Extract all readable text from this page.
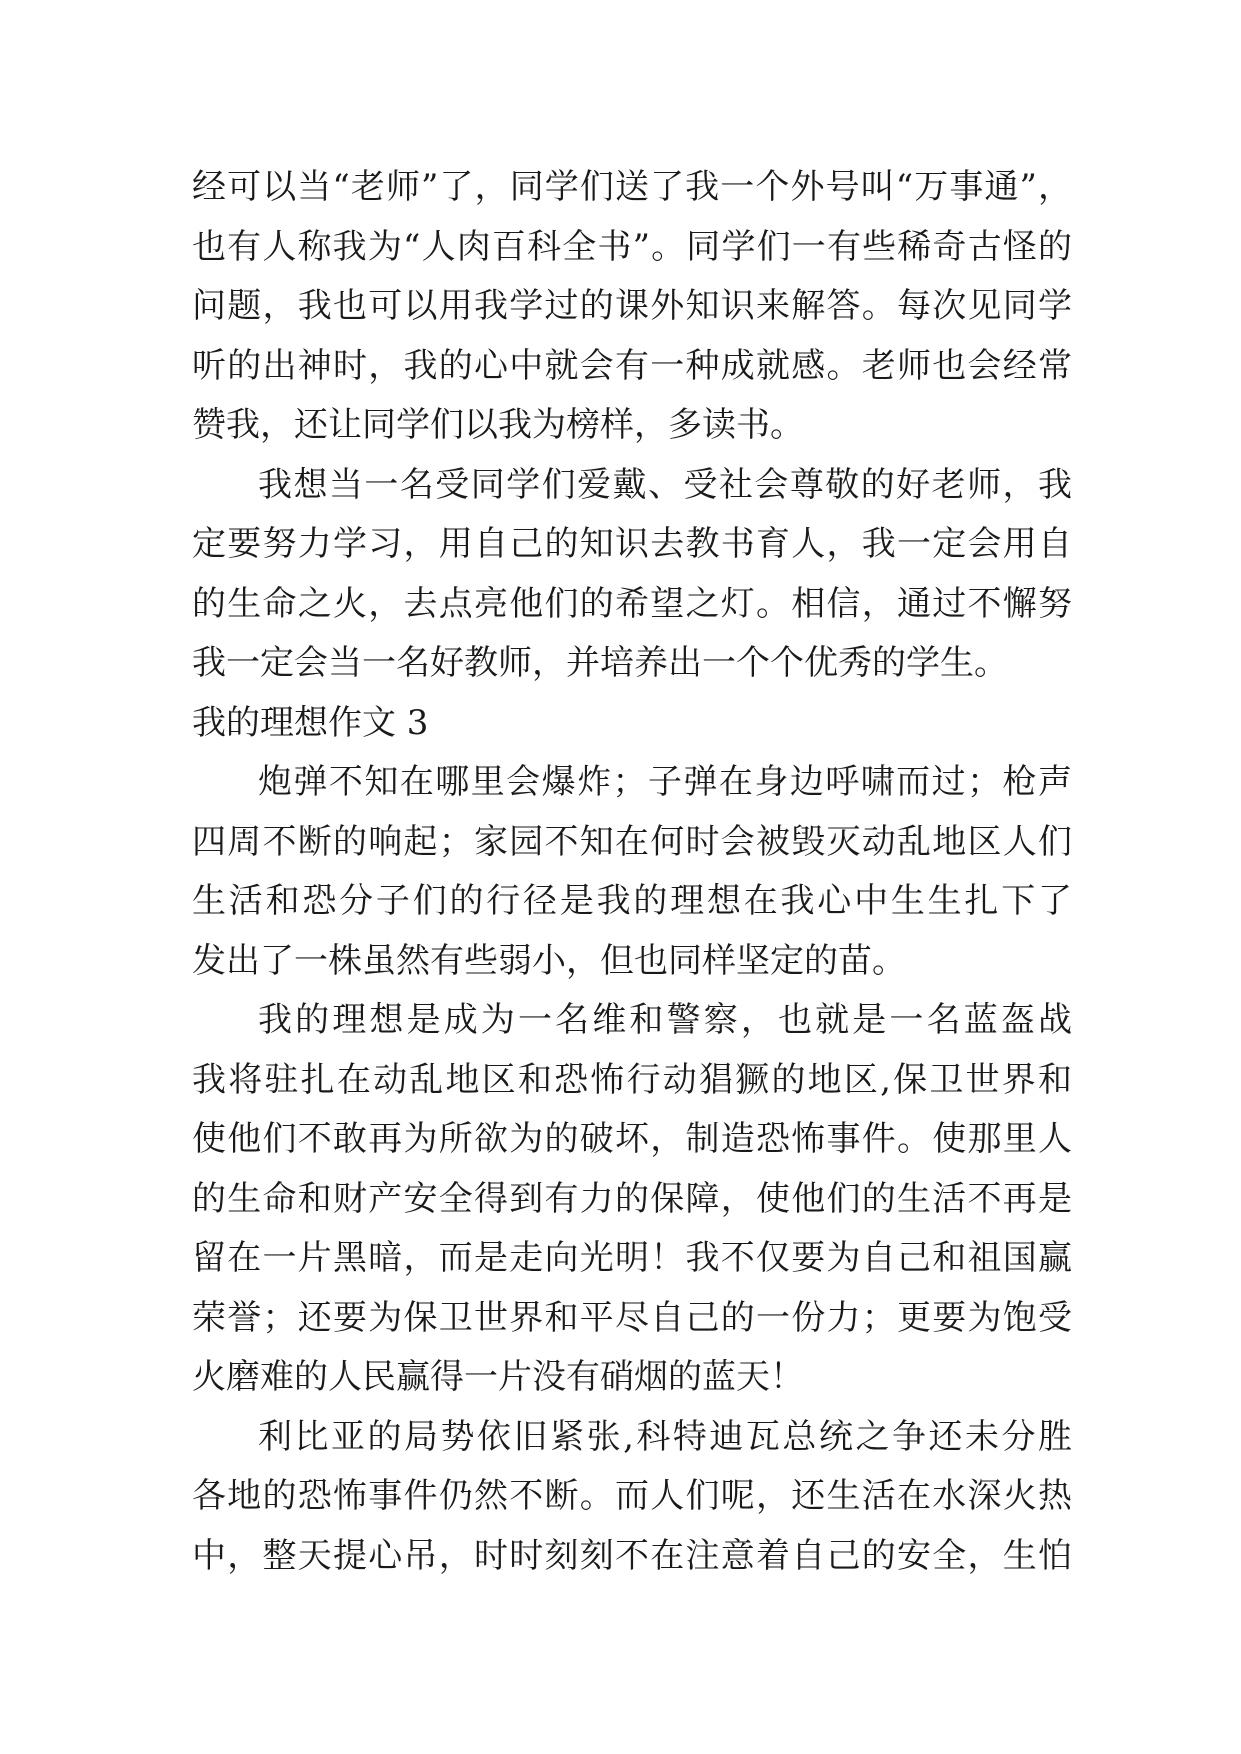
经可以当“老师”了，同学们送了我一个外号叫“万事通”，
也有人称我为“人肉百科全书”。同学们一有些稀奇古怪的
问题，我也可以用我学过的课外知识来解答。每次见同学
听的出神时，我的心中就会有一种成就感。老师也会经常
赞我，还让同学们以我为榜样，多读书。
我想当一名受同学们爱戴、受社会尊敬的好老师，我
定要努力学习，用自己的知识去教书育人，我一定会用自
的生命之火，去点亮他们的希望之灯。相信，通过不懈努
我一定会当一名好教师，并培养出一个个优秀的学生。
我的理想作文 3
炮弹不知在哪里会爆炸；子弹在身边呼啸而过；枪声
四周不断的响起；家园不知在何时会被毁灭动乱地区人们
生活和恐分子们的行径是我的理想在我心中生生扎下了
发出了一株虽然有些弱小，但也同样坚定的苗。
我的理想是成为一名维和警察，也就是一名蓝盔战
我将驻扎在动乱地区和恐怖行动猖獗的地区,保卫世界和
使他们不敢再为所欲为的破坏，制造恐怖事件。使那里人
的生命和财产安全得到有力的保障，使他们的生活不再是
留在一片黑暗，而是走向光明！我不仅要为自己和祖国赢
荣誉；还要为保卫世界和平尽自己的一份力；更要为饱受
火磨难的人民赢得一片没有硝烟的蓝天！
利比亚的局势依旧紧张,科特迪瓦总统之争还未分胜
各地的恐怖事件仍然不断。而人们呢，还生活在水深火热
中，整天提心吊，时时刻刻不在注意着自己的安全，生怕
